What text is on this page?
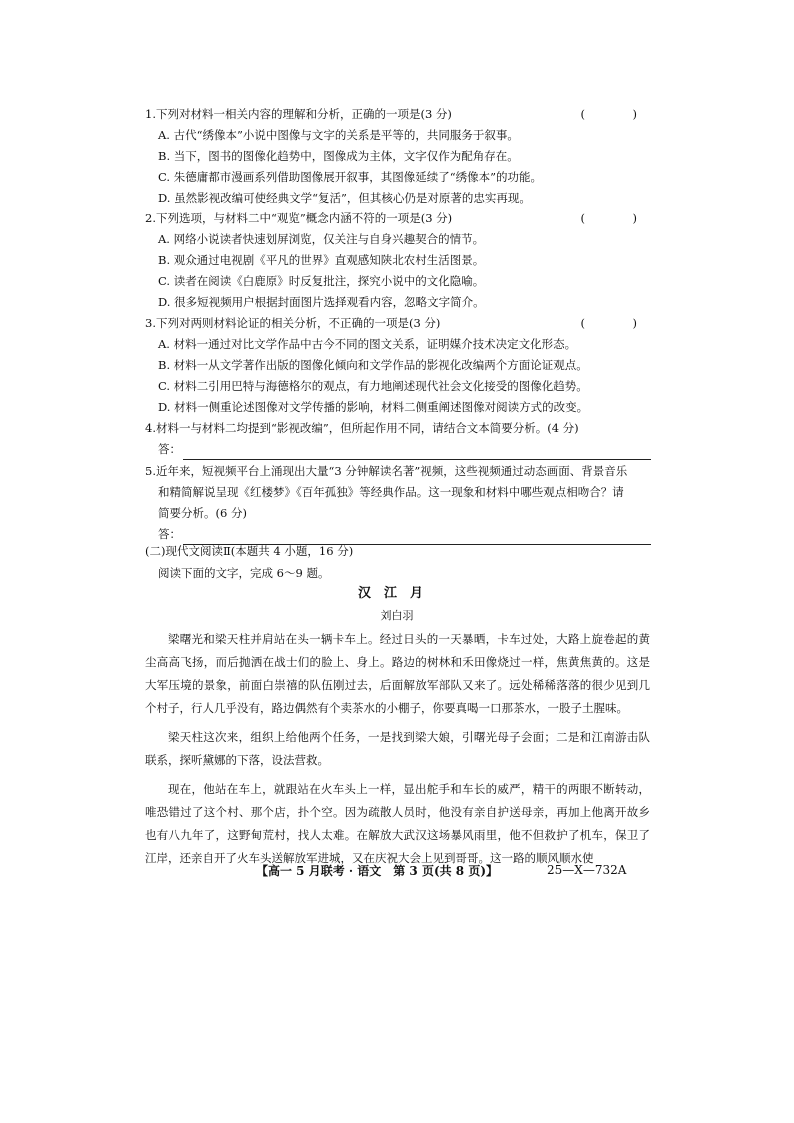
1.下列对材料一相关内容的理解和分析，正确的一项是(3 分)	(　)
A. 古代“绣像本”小说中图像与文字的关系是平等的，共同服务于叙事。
B. 当下，图书的图像化趋势中，图像成为主体，文字仅作为配角存在。
C. 朱德庸都市漫画系列借助图像展开叙事，其图像延续了“绣像本”的功能。
D. 虽然影视改编可使经典文学“复活”，但其核心仍是对原著的忠实再现。
2.下列选项，与材料二中“观览”概念内涵不符的一项是(3 分)	(　)
A. 网络小说读者快速划屏浏览，仅关注与自身兴趣契合的情节。
B. 观众通过电视剧《平凡的世界》直观感知陕北农村生活图景。
C. 读者在阅读《白鹿原》时反复批注，探究小说中的文化隐喻。
D. 很多短视频用户根据封面图片选择观看内容，忽略文字简介。
3.下列对两则材料论证的相关分析，不正确的一项是(3 分)	(　)
A. 材料一通过对比文学作品中古今不同的图文关系，证明媒介技术决定文化形态。
B. 材料一从文学著作出版的图像化倾向和文学作品的影视化改编两个方面论证观点。
C. 材料二引用巴特与海德格尔的观点，有力地阐述现代社会文化接受的图像化趋势。
D. 材料一侧重论述图像对文学传播的影响，材料二侧重阐述图像对阅读方式的改变。
4.材料一与材料二均提到“影视改编”，但所起作用不同，请结合文本简要分析。(4 分)
答：
5.近年来，短视频平台上涌现出大量“3 分钟解读名著”视频，这些视频通过动态画面、背景音乐
和精简解说呈现《红楼梦》《百年孤独》等经典作品。这一现象和材料中哪些观点相吻合？请
简要分析。(6 分)
答：
(二)现代文阅读Ⅱ(本题共 4 小题，16 分)
阅读下面的文字，完成 6～9 题。
汉江月
刘白羽

梁曙光和梁天柱并肩站在头一辆卡车上。经过日头的一天暴晒，卡车过处，大路上旋卷起的黄尘高高飞扬，而后抛洒在战士们的脸上、身上。路边的树林和禾田像烧过一样，焦黄焦黄的。这是大军压境的景象，前面白崇禧的队伍刚过去，后面解放军部队又来了。远处稀稀落落的很少见到几个村子，行人几乎没有，路边偶然有个卖茶水的小棚子，你要真喝一口那茶水，一股子土腥味。

梁天柱这次来，组织上给他两个任务，一是找到梁大娘，引曙光母子会面；二是和江南游击队联系，探听黛娜的下落，设法营救。

现在，他站在车上，就跟站在火车头上一样，显出舵手和车长的威严，精干的两眼不断转动，唯恐错过了这个村、那个店，扑个空。因为疏散人员时，他没有亲自护送母亲，再加上他离开故乡也有八九年了，这野甸荒村，找人太难。在解放大武汉这场暴风雨里，他不但救护了机车，保卫了江岸，还亲自开了火车头送解放军进城，又在庆祝大会上见到哥哥。这一路的顺风顺水使

【高一 5 月联考 · 语文　第 3 页(共 8 页)】	25—X—732A
